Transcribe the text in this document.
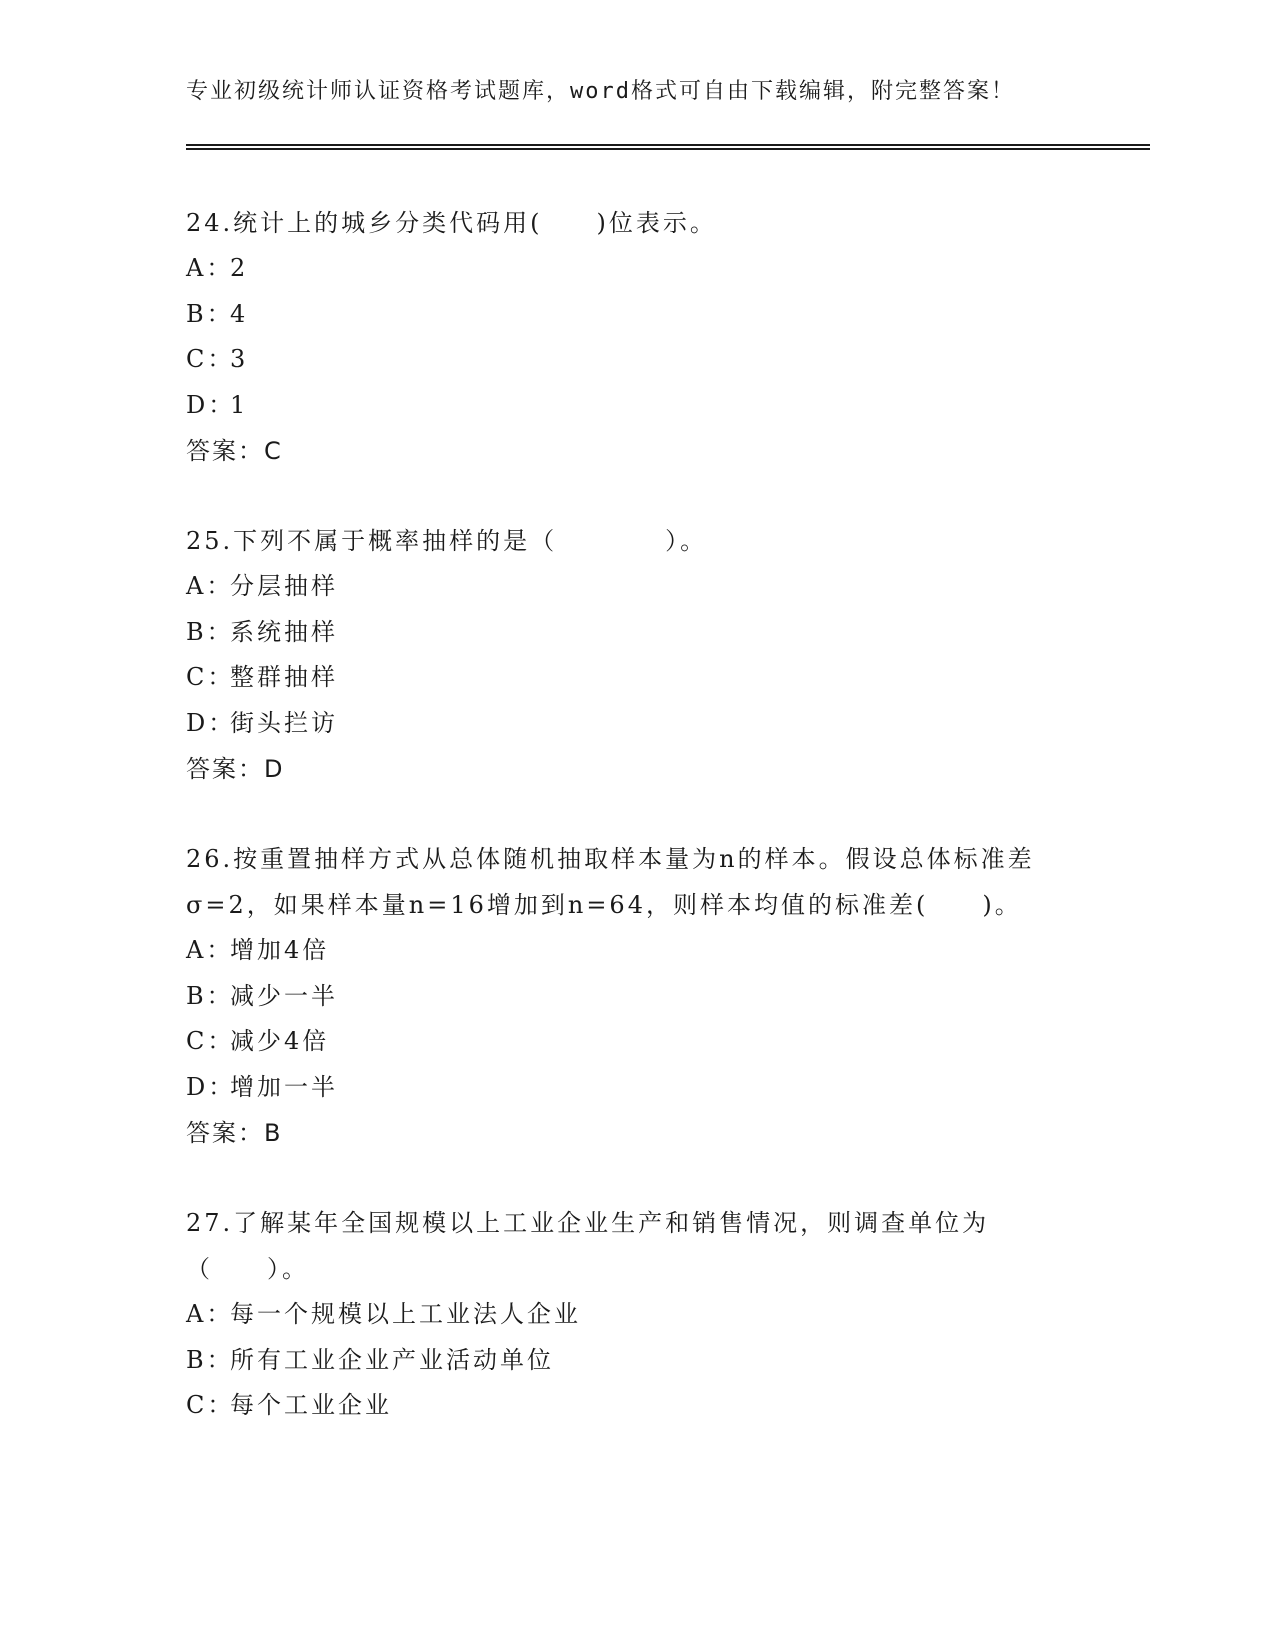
专业初级统计师认证资格考试题库，word格式可自由下载编辑，附完整答案！

24.统计上的城乡分类代码用(　　)位表示。

A：2

B：4

C：3

D：1

答案：C

25.下列不属于概率抽样的是（　　　　）。

A：分层抽样

B：系统抽样

C：整群抽样

D：街头拦访

答案：D

26.按重置抽样方式从总体随机抽取样本量为n的样本。假设总体标准差σ=2，如果样本量n=16增加到n=64，则样本均值的标准差(　　)。

A：增加4倍

B：减少一半

C：减少4倍

D：增加一半

答案：B

27.了解某年全国规模以上工业企业生产和销售情况，则调查单位为（　　）。

A：每一个规模以上工业法人企业

B：所有工业企业产业活动单位

C：每个工业企业
